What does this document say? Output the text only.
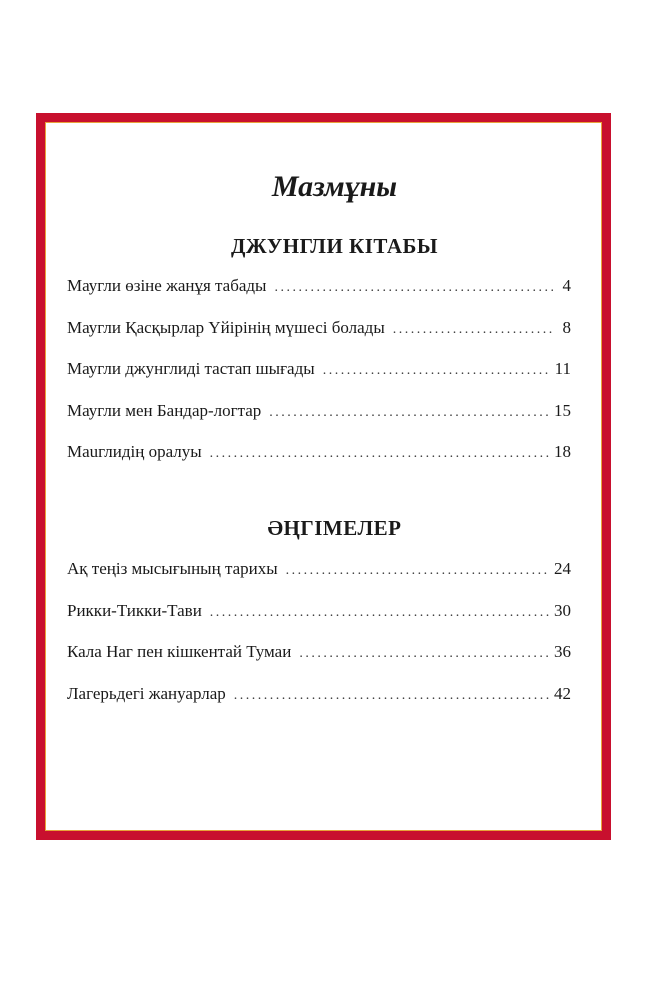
Мазмұны
ДЖУНГЛИ КІТАБЫ
Маугли өзіне жанұя табады . . .	4
Маугли Қасқырлар Үйірінің мүшесі болады . . .	8
Маугли джунглиді тастап шығады . . .	11
Маугли мен Бандар-логтар . . .	15
Маuглидің оралуы . . .	18
ӘҢГІМЕЛЕР
Ақ теңіз мысығының тарихы . . .	24
Рикки-Тикки-Тави . . .	30
Кала Наг пен кішкентай Тумаи . . .	36
Лагерьдегі жануарлар . . .	42
